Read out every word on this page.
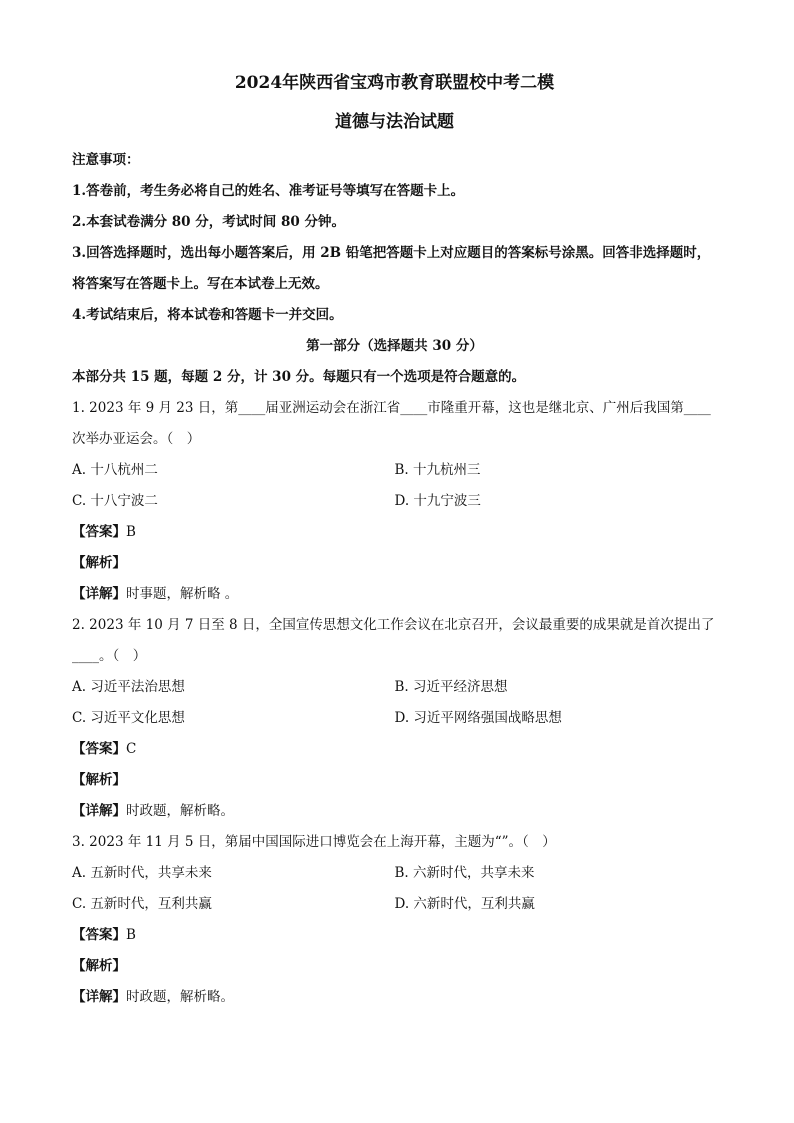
2024年陕西省宝鸡市教育联盟校中考二模

道德与法治试题

注意事项：

1.答卷前，考生务必将自己的姓名、准考证号等填写在答题卡上。

2.本套试卷满分 80 分，考试时间 80 分钟。

3.回答选择题时，选出每小题答案后，用 2B 铅笔把答题卡上对应题目的答案标号涂黑。回答非选择题时，将答案写在答题卡上。写在本试卷上无效。

4.考试结束后，将本试卷和答题卡一并交回。

第一部分（选择题共 30 分）

本部分共 15 题，每题 2 分，计 30 分。每题只有一个选项是符合题意的。

1. 2023 年 9 月 23 日，第____届亚洲运动会在浙江省____市隆重开幕，这也是继北京、广州后我国第____次举办亚运会。（　）

A. 十八杭州二	B. 十九杭州三
C. 十八宁波二	D. 十九宁波三

【答案】B

【解析】

【详解】时事题，解析略 。

2. 2023 年 10 月 7 日至 8 日，全国宣传思想文化工作会议在北京召开，会议最重要的成果就是首次提出了____。（　）

A. 习近平法治思想	B. 习近平经济思想
C. 习近平文化思想	D. 习近平网络强国战略思想

【答案】C

【解析】

【详解】时政题，解析略。

3. 2023 年 11 月 5 日，第届中国国际进口博览会在上海开幕，主题为“”。（　）

A. 五新时代，共享未来	B. 六新时代，共享未来
C. 五新时代，互利共赢	D. 六新时代，互利共赢

【答案】B

【解析】

【详解】时政题，解析略。
